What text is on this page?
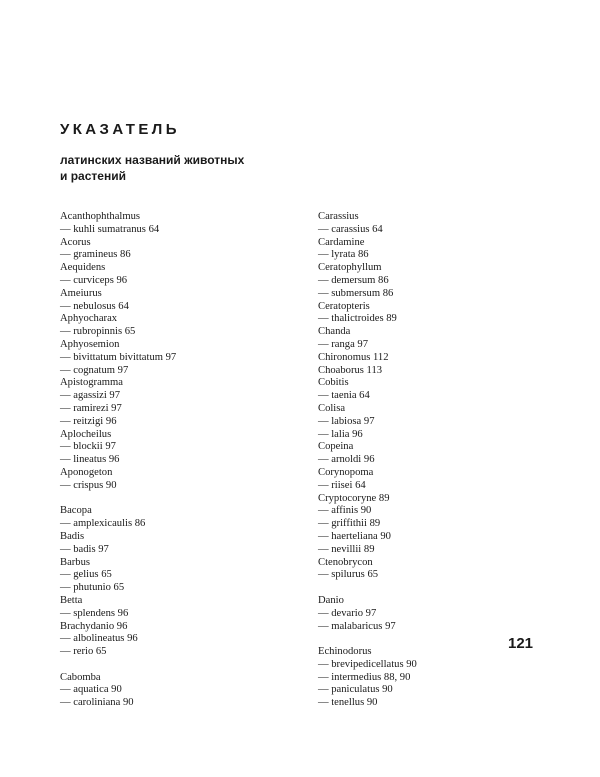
УКАЗАТЕЛЬ
латинских названий животных
и растений
Acanthophthalmus
— kuhli sumatranus 64
Acorus
— gramineus 86
Aequidens
— curviceps 96
Ameiurus
— nebulosus 64
Aphyocharax
— rubropinnis 65
Aphyosemion
— bivittatum bivittatum 97
— cognatum 97
Apistogramma
— agassizi 97
— ramirezi 97
— reitzigi 96
Aplocheilus
— blockii 97
— lineatus 96
Aponogeton
— crispus 90
Bacopa
— amplexicaulis 86
Badis
— badis 97
Barbus
— gelius 65
— phutunio 65
Betta
— splendens 96
Brachydanio 96
— albolineatus 96
— rerio 65
Cabomba
— aquatica 90
— caroliniana 90
Carassius
— carassius 64
Cardamine
— lyrata 86
Ceratophyllum
— demersum 86
— submersum 86
Ceratopteris
— thalictroides 89
Chanda
— ranga 97
Chironomus 112
Choaborus 113
Cobitis
— taenia 64
Colisa
— labiosa 97
— lalia 96
Copeina
— arnoldi 96
Corynopoma
— riisei 64
Cryptocoryne 89
— affinis 90
— griffithii 89
— haerteliana 90
— nevillii 89
Ctenobrycon
— spilurus 65
Danio
— devario 97
— malabaricus 97
Echinodorus
— brevipedicellatus 90
— intermedius 88, 90
— paniculatus 90
— tenellus 90
121
